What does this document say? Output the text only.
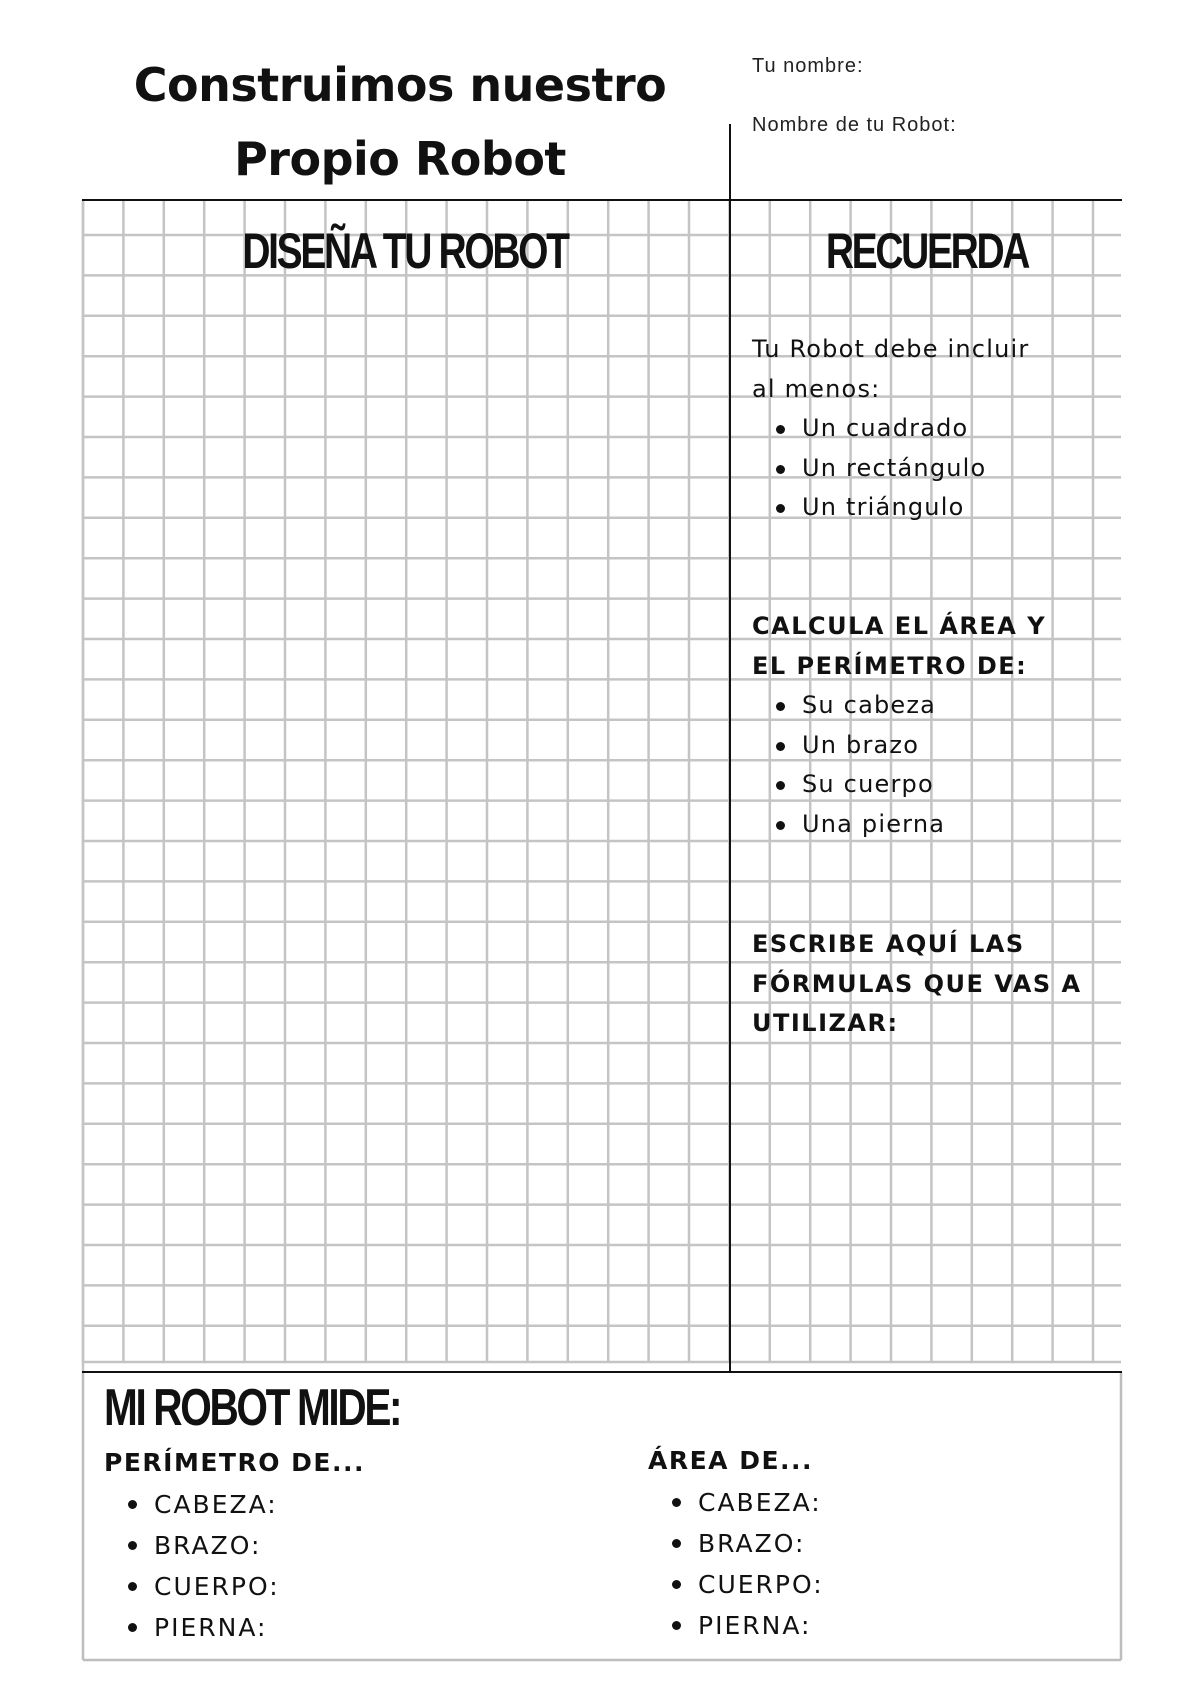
Construimos nuestro
Propio Robot
Tu nombre:
Nombre de tu Robot:
DISEÑA TU ROBOT	RECUERDA
Tu Robot debe incluir
al menos:
Un cuadrado
Un rectángulo
Un triángulo
CALCULA EL ÁREA Y
EL PERÍMETRO DE:
Su cabeza
Un brazo
Su cuerpo
Una pierna
ESCRIBE AQUÍ LAS
FÓRMULAS QUE VAS A
UTILIZAR:
MI ROBOT MIDE:
PERÍMETRO DE...
CABEZA:
BRAZO:
CUERPO:
PIERNA:
ÁREA DE...
CABEZA:
BRAZO:
CUERPO:
PIERNA:
